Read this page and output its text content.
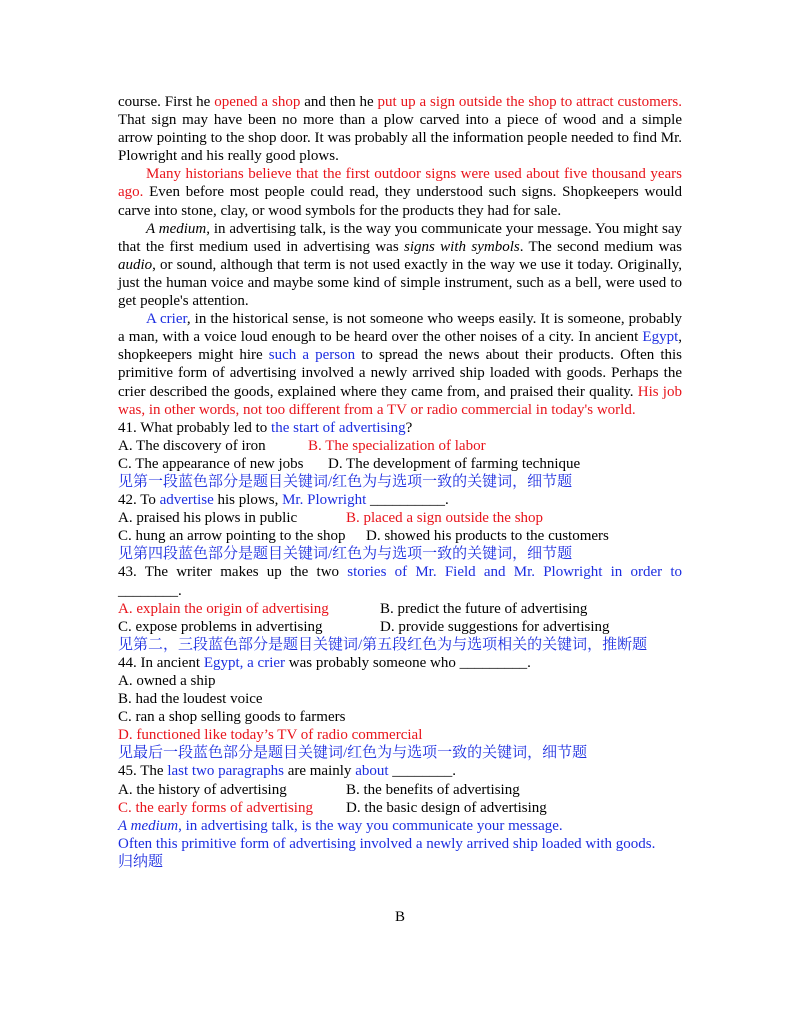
course. First he opened a shop and then he put up a sign outside the shop to attract customers. That sign may have been no more than a plow carved into a piece of wood and a simple arrow pointing to the shop door. It was probably all the information people needed to find Mr. Plowright and his really good plows.

Many historians believe that the first outdoor signs were used about five thousand years ago. Even before most people could read, they understood such signs. Shopkeepers would carve into stone, clay, or wood symbols for the products they had for sale.

A medium, in advertising talk, is the way you communicate your message. You might say that the first medium used in advertising was signs with symbols. The second medium was audio, or sound, although that term is not used exactly in the way we use it today. Originally, just the human voice and maybe some kind of simple instrument, such as a bell, were used to get people's attention.

A crier, in the historical sense, is not someone who weeps easily. It is someone, probably a man, with a voice loud enough to be heard over the other noises of a city. In ancient Egypt, shopkeepers might hire such a person to spread the news about their products. Often this primitive form of advertising involved a newly arrived ship loaded with goods. Perhaps the crier described the goods, explained where they came from, and praised their quality. His job was, in other words, not too different from a TV or radio commercial in today's world.

41. What probably led to the start of advertising?

A. The discovery of iron	B. The specialization of labor

C. The appearance of new jobs D. The development of farming technique

见第一段蓝色部分是题目关键词/红色为与选项一致的关键词，细节题

42. To advertise his plows, Mr. Plowright __________.

A. praised his plows in public	B. placed a sign outside the shop

C. hung an arrow pointing to the shop D. showed his products to the customers

见第四段蓝色部分是题目关键词/红色为与选项一致的关键词，细节题

43. The writer makes up the two stories of Mr. Field and Mr. Plowright in order to

________.

A. explain the origin of advertising	B. predict the future of advertising

C. expose problems in advertising	D. provide suggestions for advertising

见第二，三段蓝色部分是题目关键词/第五段红色为与选项相关的关键词，推断题

44. In ancient Egypt, a crier was probably someone who _________.

A. owned a ship

B. had the loudest voice

C. ran a shop selling goods to farmers

D. functioned like today’s TV of radio commercial

见最后一段蓝色部分是题目关键词/红色为与选项一致的关键词，细节题

45. The last two paragraphs are mainly about ________.

A. the history of advertising	B. the benefits of advertising

C. the early forms of advertising D. the basic design of advertising

A medium, in advertising talk, is the way you communicate your message.

Often this primitive form of advertising involved a newly arrived ship loaded with goods.

归纳题

B
